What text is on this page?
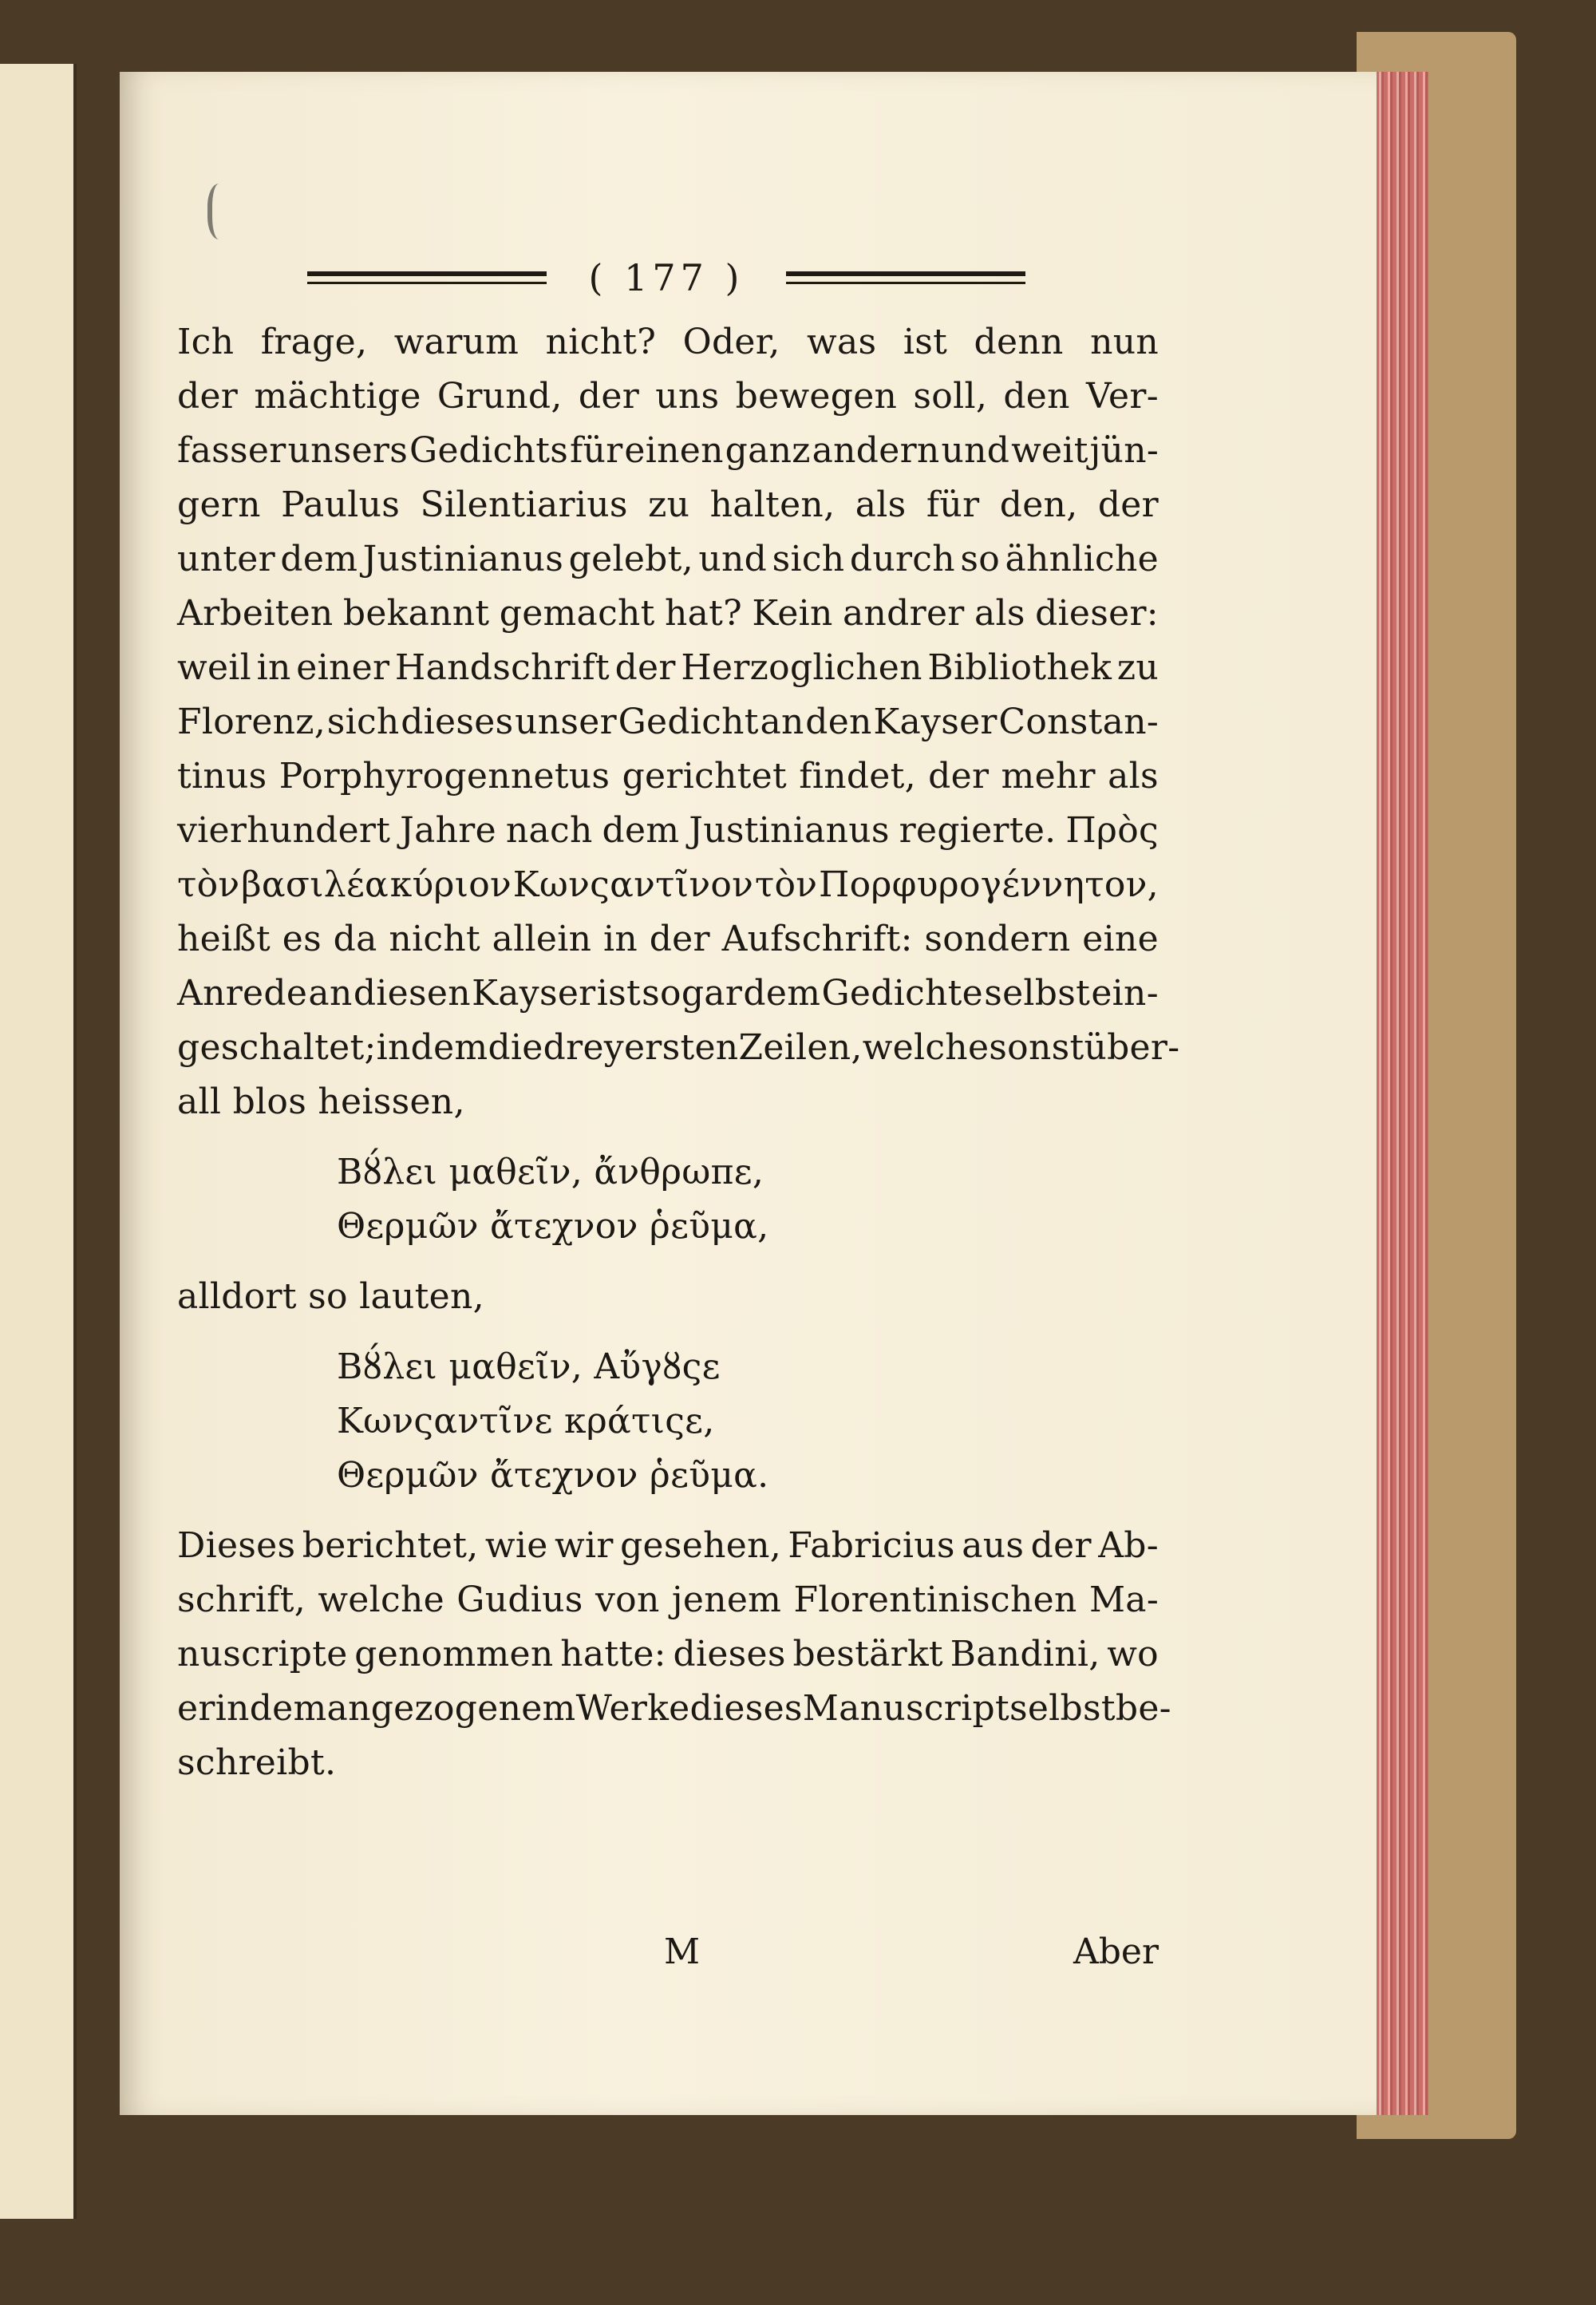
( 177 )
Ich frage, warum nicht? Oder, was ist denn nun
der mächtige Grund, der uns bewegen soll, den Ver-
fasser unsers Gedichts für einen ganz andern und weit jün-
gern Paulus Silentiarius zu halten, als für den, der
unter dem Justinianus gelebt, und sich durch so ähnliche
Arbeiten bekannt gemacht hat? Kein andrer als dieser:
weil in einer Handschrift der Herzoglichen Bibliothek zu
Florenz, sich dieses unser Gedicht an den Kayser Constan-
tinus Porphyrogennetus gerichtet findet, der mehr als
vierhundert Jahre nach dem Justinianus regierte. Πρὸς
τὸν βασιλέα κύριον Κωνςαντῖνον τὸν Πορφυρογέννητον,
heißt es da nicht allein in der Aufschrift: sondern eine
Anrede an diesen Kayser ist sogar dem Gedichte selbst ein-
geschaltet; indem die drey ersten Zeilen, welche sonst über-
all blos heissen,
Βȣ́λει μαθεῖν, ἄνθρωπε,
Θερμῶν ἄτεχνον ῥεῦμα,
alldort so lauten,
Βȣ́λει μαθεῖν, Αὔγȣςε
Κωνςαντῖνε κράτιςε,
Θερμῶν ἄτεχνον ῥεῦμα.
Dieses berichtet, wie wir gesehen, Fabricius aus der Ab-
schrift, welche Gudius von jenem Florentinischen Ma-
nuscripte genommen hatte: dieses bestärkt Bandini, wo
er in dem angezogenem Werke dieses Manuscript selbst be-
schreibt.
M	Aber
